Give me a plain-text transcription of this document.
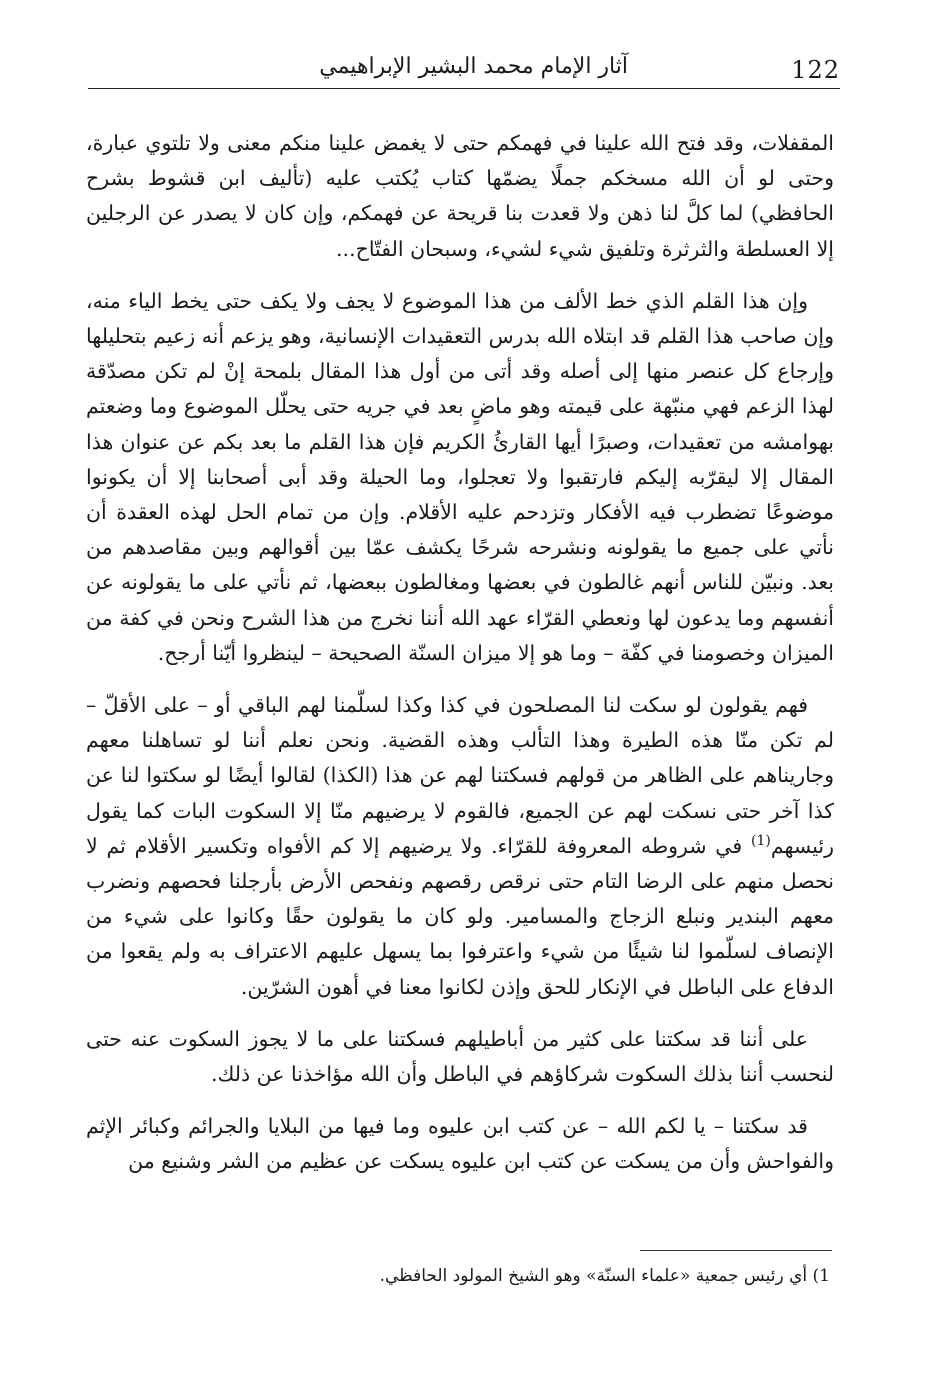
122
آثار الإمام محمد البشير الإبراهيمي

المقفلات، وقد فتح الله علينا في فهمكم حتى لا يغمض علينا منكم معنى ولا تلتوي عبارة، وحتى لو أن الله مسخكم جملًا يضمّها كتاب يُكتب عليه (تأليف ابن قشوط بشرح الحافظي) لما كلَّ لنا ذهن ولا قعدت بنا قريحة عن فهمكم، وإن كان لا يصدر عن الرجلين إلا العسلطة والثرثرة وتلفيق شيء لشيء، وسبحان الفتّاح...

وإن هذا القلم الذي خط الألف من هذا الموضوع لا يجف ولا يكف حتى يخط الياء منه، وإن صاحب هذا القلم قد ابتلاه الله بدرس التعقيدات الإنسانية، وهو يزعم أنه زعيم بتحليلها وإرجاع كل عنصر منها إلى أصله وقد أتى من أول هذا المقال بلمحة إنْ لم تكن مصدّقة لهذا الزعم فهي منبّهة على قيمته وهو ماضٍ بعد في جريه حتى يحلّل الموضوع وما وضعتم بهوامشه من تعقيدات، وصبرًا أيها القارئُ الكريم فإن هذا القلم ما بعد بكم عن عنوان هذا المقال إلا ليقرّبه إليكم فارتقبوا ولا تعجلوا، وما الحيلة وقد أبى أصحابنا إلا أن يكونوا موضوعًا تضطرب فيه الأفكار وتزدحم عليه الأقلام. وإن من تمام الحل لهذه العقدة أن نأتي على جميع ما يقولونه ونشرحه شرحًا يكشف عمّا بين أقوالهم وبين مقاصدهم من بعد. ونبيّن للناس أنهم غالطون في بعضها ومغالطون ببعضها، ثم نأتي على ما يقولونه عن أنفسهم وما يدعون لها ونعطي القرّاء عهد الله أننا نخرج من هذا الشرح ونحن في كفة من الميزان وخصومنا في كفّة – وما هو إلا ميزان السنّة الصحيحة – لينظروا أيّنا أرجح.

فهم يقولون لو سكت لنا المصلحون في كذا وكذا لسلّمنا لهم الباقي أو – على الأقلّ – لم تكن منّا هذه الطيرة وهذا التألب وهذه القضية. ونحن نعلم أننا لو تساهلنا معهم وجاريناهم على الظاهر من قولهم فسكتنا لهم عن هذا (الكذا) لقالوا أيضًا لو سكتوا لنا عن كذا آخر حتى نسكت لهم عن الجميع، فالقوم لا يرضيهم منّا إلا السكوت البات كما يقول رئيسهم$^{(1)}$ في شروطه المعروفة للقرّاء. ولا يرضيهم إلا كم الأفواه وتكسير الأقلام ثم لا نحصل منهم على الرضا التام حتى نرقص رقصهم ونفحص الأرض بأرجلنا فحصهم ونضرب معهم البندير ونبلع الزجاج والمسامير. ولو كان ما يقولون حقًا وكانوا على شيء من الإنصاف لسلّموا لنا شيئًا من شيء واعترفوا بما يسهل عليهم الاعتراف به ولم يقعوا من الدفاع على الباطل في الإنكار للحق وإذن لكانوا معنا في أهون الشرّين.

على أننا قد سكتنا على كثير من أباطيلهم فسكتنا على ما لا يجوز السكوت عنه حتى لنحسب أننا بذلك السكوت شركاؤهم في الباطل وأن الله مؤاخذنا عن ذلك.

قد سكتنا – يا لكم الله – عن كتب ابن عليوه وما فيها من البلايا والجرائم وكبائر الإثم والفواحش وأن من يسكت عن كتب ابن عليوه يسكت عن عظيم من الشر وشنيع من

1) أي رئيس جمعية «علماء السنّة» وهو الشيخ المولود الحافظي.
